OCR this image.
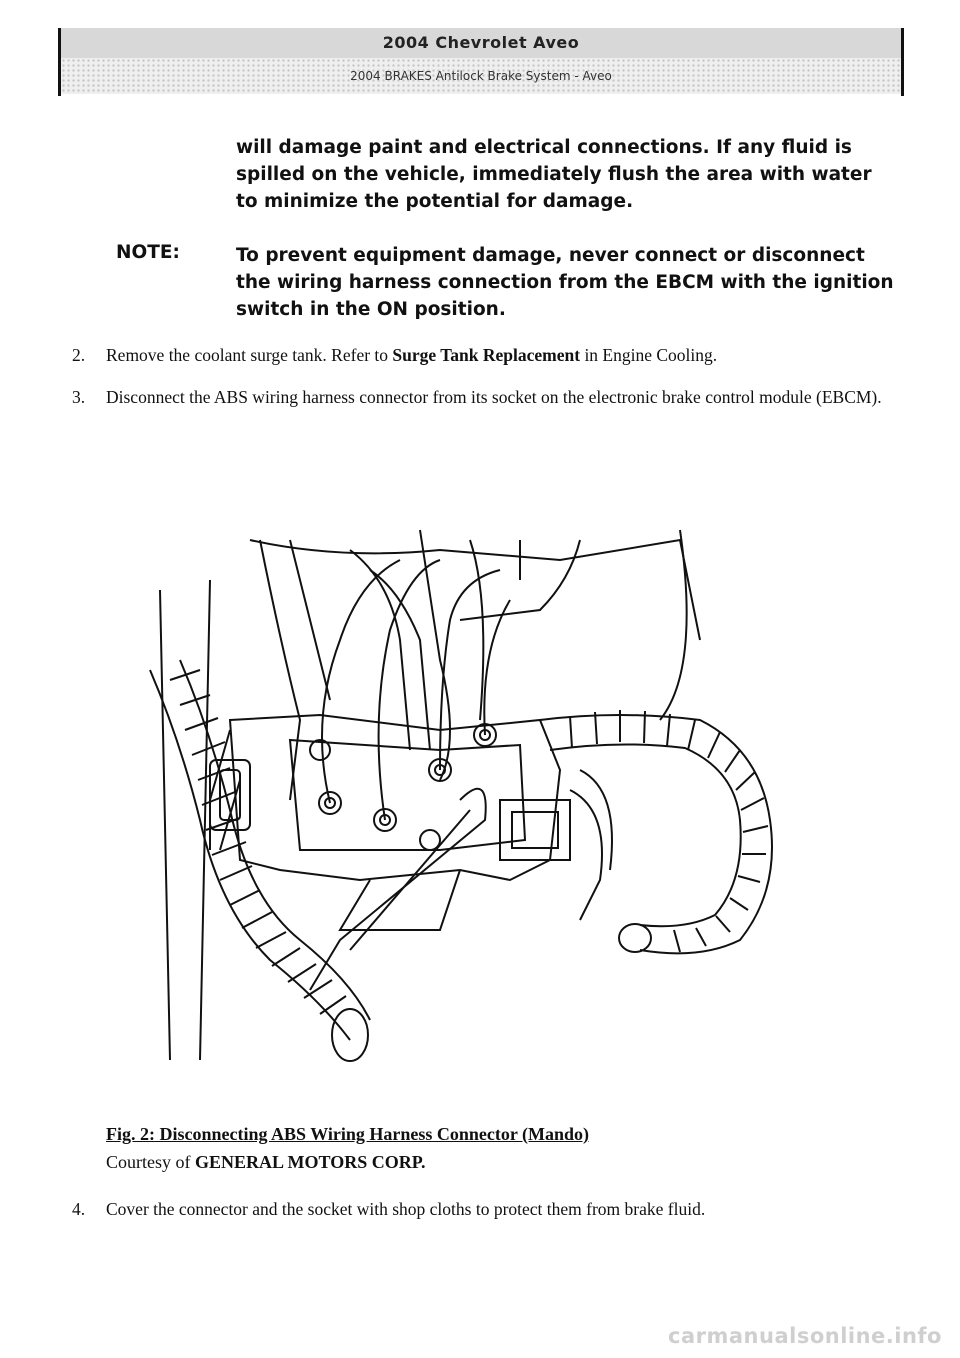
2004 Chevrolet Aveo
2004 BRAKES Antilock Brake System - Aveo
will damage paint and electrical connections. If any fluid is spilled on the vehicle, immediately flush the area with water to minimize the potential for damage.
NOTE:	To prevent equipment damage, never connect or disconnect the wiring harness connection from the EBCM with the ignition switch in the ON position.
2. Remove the coolant surge tank. Refer to Surge Tank Replacement in Engine Cooling.
3. Disconnect the ABS wiring harness connector from its socket on the electronic brake control module (EBCM).
Fig. 2: Disconnecting ABS Wiring Harness Connector (Mando)
Courtesy of GENERAL MOTORS CORP.
4. Cover the connector and the socket with shop cloths to protect them from brake fluid.
carmanualsonline.info
